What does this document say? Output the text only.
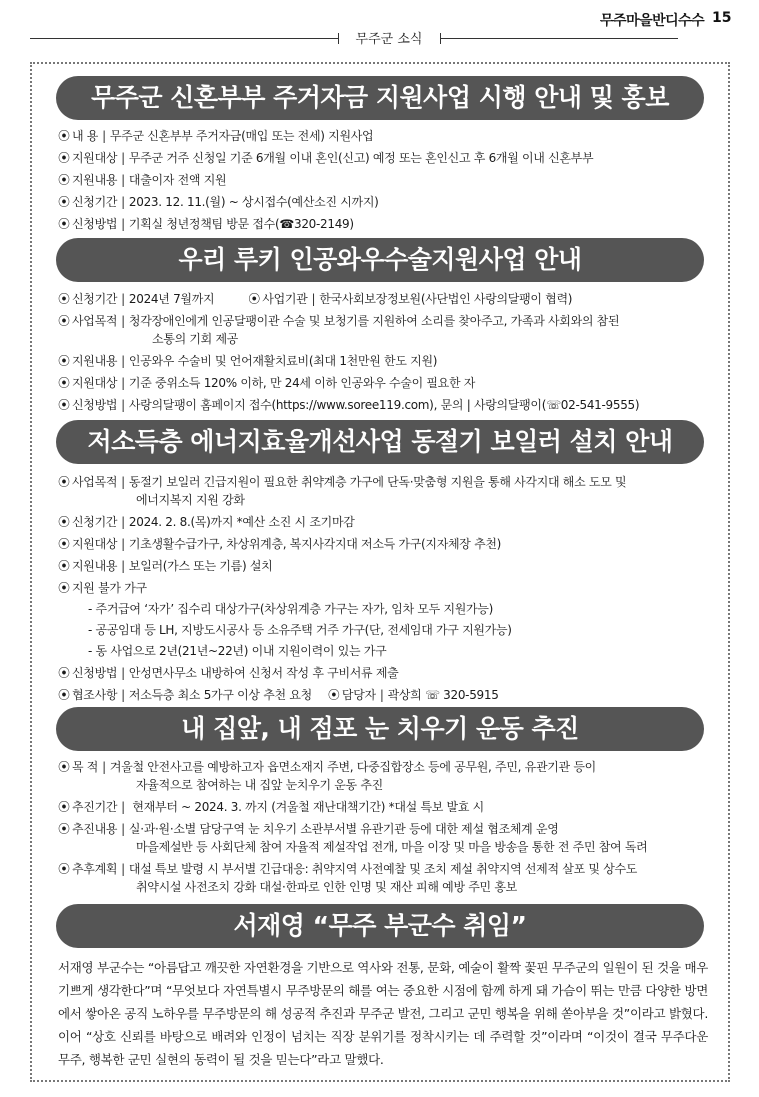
무주군 소식
무주마을반디수수 15
무주군 신혼부부 주거자금 지원사업 시행 안내 및 홍보
⦿ 내 용 | 무주군 신혼부부 주거자금(매입 또는 전세) 지원사업
⦿ 지원대상 | 무주군 거주 신청일 기준 6개월 이내 혼인(신고) 예정 또는 혼인신고 후 6개월 이내 신혼부부
⦿ 지원내용 | 대출이자 전액 지원
⦿ 신청기간 | 2023. 12. 11.(월) ~ 상시접수(예산소진 시까지)
⦿ 신청방법 | 기획실 청년정책팀 방문 접수(☎320-2149)
우리 루키 인공와우수술지원사업 안내
⦿ 신청기간 | 2024년 7월까지	⦿ 사업기관 | 한국사회보장정보원(사단법인 사랑의달팽이 협력)
⦿ 사업목적 | 청각장애인에게 인공달팽이관 수술 및 보청기를 지원하여 소리를 찾아주고, 가족과 사회와의 참된
소통의 기회 제공
⦿ 지원내용 | 인공와우 수술비 및 언어재활치료비(최대 1천만원 한도 지원)
⦿ 지원대상 | 기준 중위소득 120% 이하, 만 24세 이하 인공와우 수술이 필요한 자
⦿ 신청방법 | 사랑의달팽이 홈페이지 접수(https://www.soree119.com), 문의 | 사랑의달팽이(☏02-541-9555)
저소득층 에너지효율개선사업 동절기 보일러 설치 안내
⦿ 사업목적 | 동절기 보일러 긴급지원이 필요한 취약계층 가구에 단독·맞춤형 지원을 통해 사각지대 해소 도모 및
에너지복지 지원 강화
⦿ 신청기간 | 2024. 2. 8.(목)까지 *예산 소진 시 조기마감
⦿ 지원대상 | 기초생활수급가구, 차상위계층, 복지사각지대 저소득 가구(지자체장 추천)
⦿ 지원내용 | 보일러(가스 또는 기름) 설치
⦿ 지원 불가 가구
- 주거급여 ‘자가’ 집수리 대상가구(차상위계층 가구는 자가, 임차 모두 지원가능)
- 공공임대 등 LH, 지방도시공사 등 소유주택 거주 가구(단, 전세임대 가구 지원가능)
- 동 사업으로 2년(21년~22년) 이내 지원이력이 있는 가구
⦿ 신청방법 | 안성면사무소 내방하여 신청서 작성 후 구비서류 제출
⦿ 협조사항 | 저소득층 최소 5가구 이상 추천 요청 ⦿ 담당자 | 곽상희 ☏ 320-5915
내 집앞, 내 점포 눈 치우기 운동 추진
⦿ 목 적 | 겨울철 안전사고를 예방하고자 읍면소재지 주변, 다중집합장소 등에 공무원, 주민, 유관기관 등이
자율적으로 참여하는 내 집앞 눈치우기 운동 추진
⦿ 추진기간 | 현재부터 ~ 2024. 3. 까지 (겨울철 재난대책기간) *대설 특보 발효 시
⦿ 추진내용 | 실·과·원·소별 담당구역 눈 치우기 소관부서별 유관기관 등에 대한 제설 협조체계 운영
마을제설반 등 사회단체 참여 자율적 제설작업 전개, 마을 이장 및 마을 방송을 통한 전 주민 참여 독려
⦿ 추후계획 | 대설 특보 발령 시 부서별 긴급대응: 취약지역 사전예찰 및 조치 제설 취약지역 선제적 살포 및 상수도
취약시설 사전조치 강화 대설·한파로 인한 인명 및 재산 피해 예방 주민 홍보
서재영 “무주 부군수 취임”
서재영 부군수는 “아름답고 깨끗한 자연환경을 기반으로 역사와 전통, 문화, 예술이 활짝 꽃핀 무주군의 일원이 된 것을 매우 기쁘게 생각한다”며 “무엇보다 자연특별시 무주방문의 해를 여는 중요한 시점에 함께 하게 돼 가슴이 뛰는 만큼 다양한 방면에서 쌓아온 공직 노하우를 무주방문의 해 성공적 추진과 무주군 발전, 그리고 군민 행복을 위해 쏟아부을 것”이라고 밝혔다. 이어 “상호 신뢰를 바탕으로 배려와 인정이 넘치는 직장 분위기를 정착시키는 데 주력할 것”이라며 “이것이 결국 무주다운 무주, 행복한 군민 실현의 동력이 될 것을 믿는다”라고 말했다.
